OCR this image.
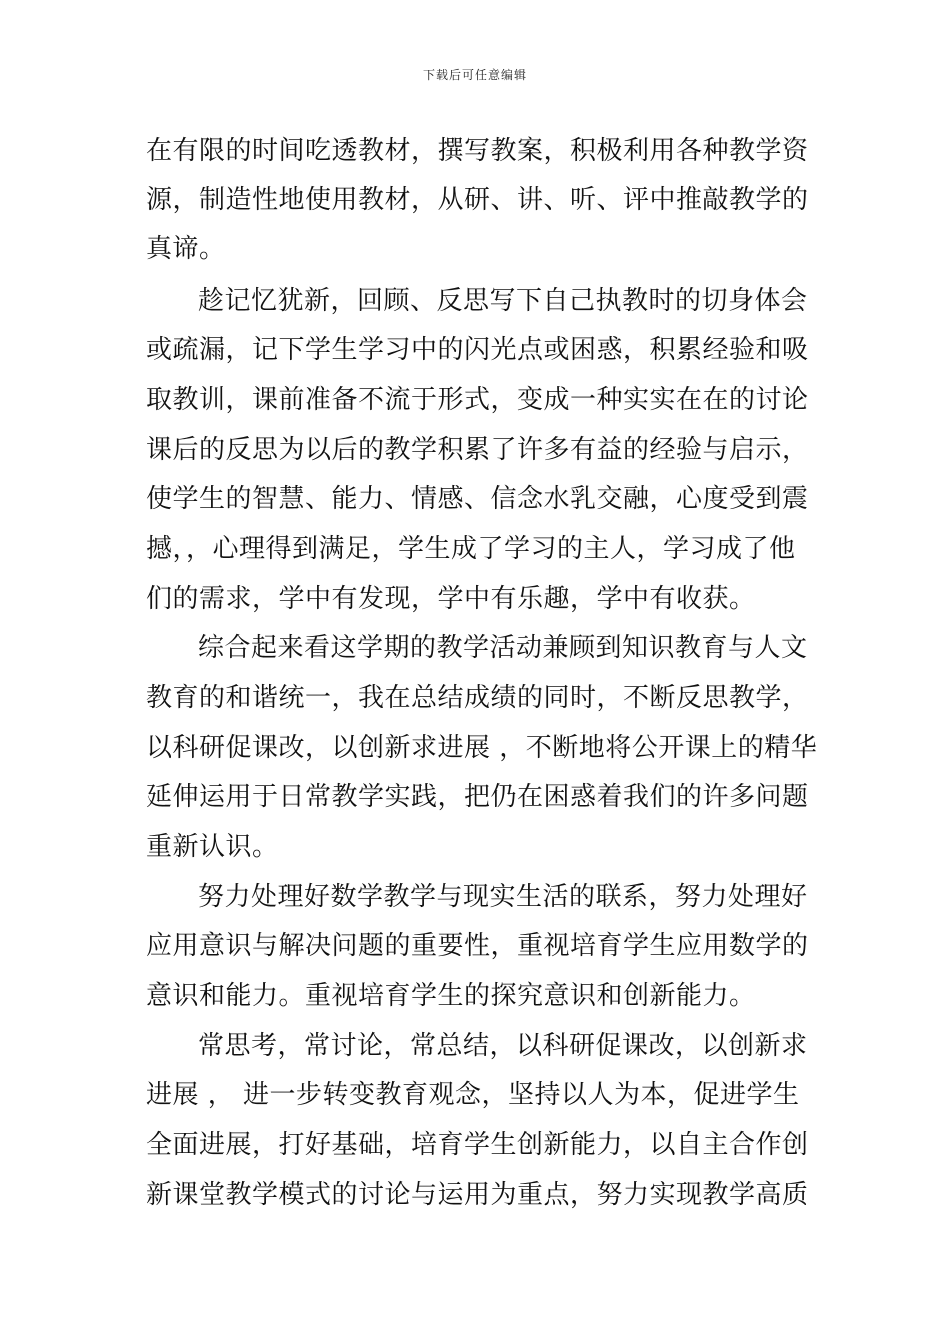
下载后可任意编辑
在有限的时间吃透教材，撰写教案，积极利用各种教学资
源，制造性地使用教材，从研、讲、听、评中推敲教学的
真谛。
趁记忆犹新，回顾、反思写下自己执教时的切身体会
或疏漏，记下学生学习中的闪光点或困惑，积累经验和吸
取教训，课前准备不流于形式，变成一种实实在在的讨论
课后的反思为以后的教学积累了许多有益的经验与启示，
使学生的智慧、能力、情感、信念水乳交融，心度受到震
撼，，心理得到满足，学生成了学习的主人，学习成了他
们的需求，学中有发现，学中有乐趣，学中有收获。
综合起来看这学期的教学活动兼顾到知识教育与人文
教育的和谐统一，我在总结成绩的同时，不断反思教学，
以科研促课改，以创新求进展 ，不断地将公开课上的精华
延伸运用于日常教学实践，把仍在困惑着我们的许多问题
重新认识。
努力处理好数学教学与现实生活的联系，努力处理好
应用意识与解决问题的重要性，重视培育学生应用数学的
意识和能力。重视培育学生的探究意识和创新能力。
常思考，常讨论，常总结，以科研促课改，以创新求
进展 ， 进一步转变教育观念，坚持以人为本，促进学生
全面进展，打好基础，培育学生创新能力，以自主合作创
新课堂教学模式的讨论与运用为重点，努力实现教学高质
